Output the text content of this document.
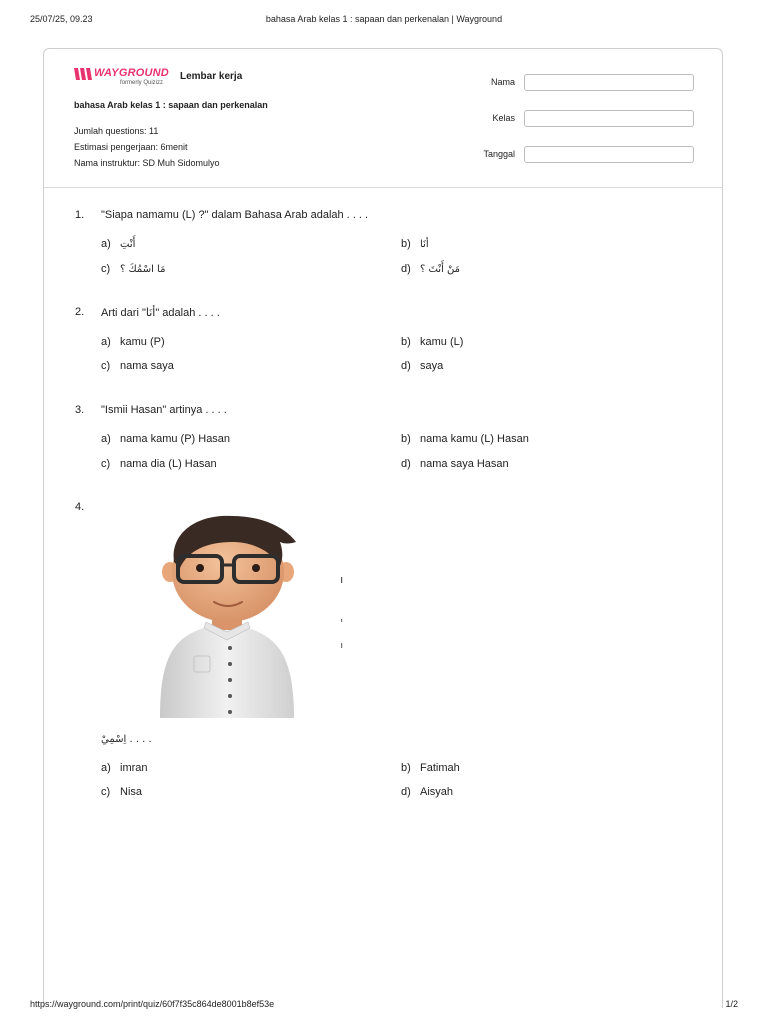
25/07/25, 09.23	bahasa Arab kelas 1 : sapaan dan perkenalan | Wayground
WAYGROUND
formerly Quizizz
Lembar kerja
bahasa Arab kelas 1 : sapaan dan perkenalan
Jumlah questions: 11
Estimasi pengerjaan: 6menit
Nama instruktur: SD Muh Sidomulyo
Nama
Kelas
Tanggal
1. "Siapa namamu (L) ?" dalam Bahasa Arab adalah . . . .
a) أَنْتِ	b) أنَا
c) مَا اسْمُكَ ؟	d) مَنْ أَنْتَ ؟
2. Arti dari "أنَا" adalah . . . .
a) kamu (P)	b) kamu (L)
c) nama saya	d) saya
3. "Ismii Hasan" artinya . . . .
a) nama kamu (P) Hasan	b) nama kamu (L) Hasan
c) nama dia (L) Hasan	d) nama saya Hasan
4.
اِسْمِيْ . . . .
a) imran	b) Fatimah
c) Nisa	d) Aisyah
https://wayground.com/print/quiz/60f7f35c864de8001b8ef53e	1/2
